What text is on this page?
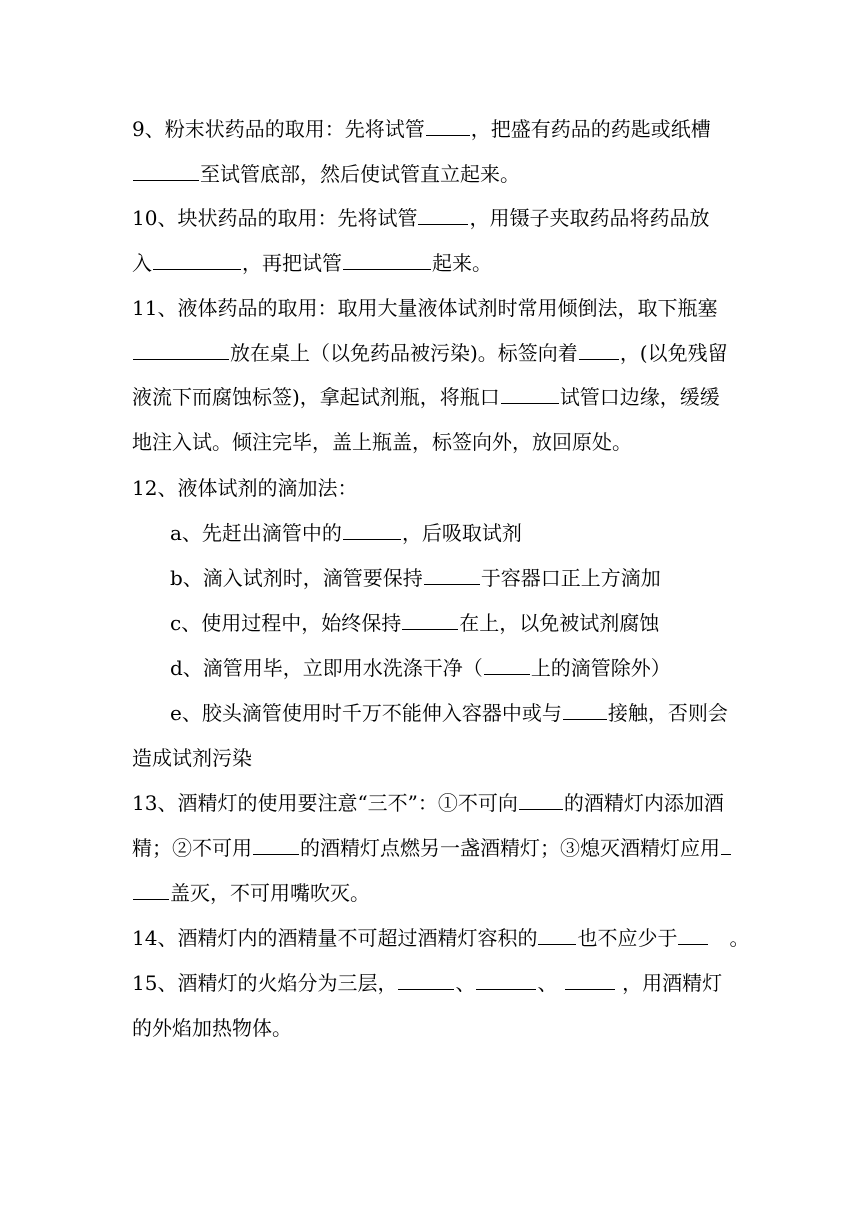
9、粉末状药品的取用：先将试管 ，把盛有药品的药匙或纸槽
至试管底部，然后使试管直立起来。
10、块状药品的取用：先将试管	，用镊子夹取药品将药品放
入	，再把试管	起来。
11、液体药品的取用：取用大量液体试剂时常用倾倒法，取下瓶塞
放在桌上（以免药品被污染)。标签向着 ，(以免残留
液流下而腐蚀标签)，拿起试剂瓶，将瓶口	试管口边缘，缓缓
地注入试。倾注完毕，盖上瓶盖，标签向外，放回原处。
12、液体试剂的滴加法：
a、先赶出滴管中的	，后吸取试剂
b、滴入试剂时，滴管要保持	于容器口正上方滴加
c、使用过程中，始终保持	在上，以免被试剂腐蚀
d、滴管用毕，立即用水洗涤干净（ 上的滴管除外）
e、胶头滴管使用时千万不能伸入容器中或与 接触，否则会
造成试剂污染
13、酒精灯的使用要注意“三不”：①不可向 的酒精灯内添加酒
精；②不可用 的酒精灯点燃另一盏酒精灯；③熄灭酒精灯应用
盖灭，不可用嘴吹灭。
14、酒精灯内的酒精量不可超过酒精灯容积的 也不应少于　。
15、酒精灯的火焰分为三层，	、	、	，用酒精灯
的外焰加热物体。
